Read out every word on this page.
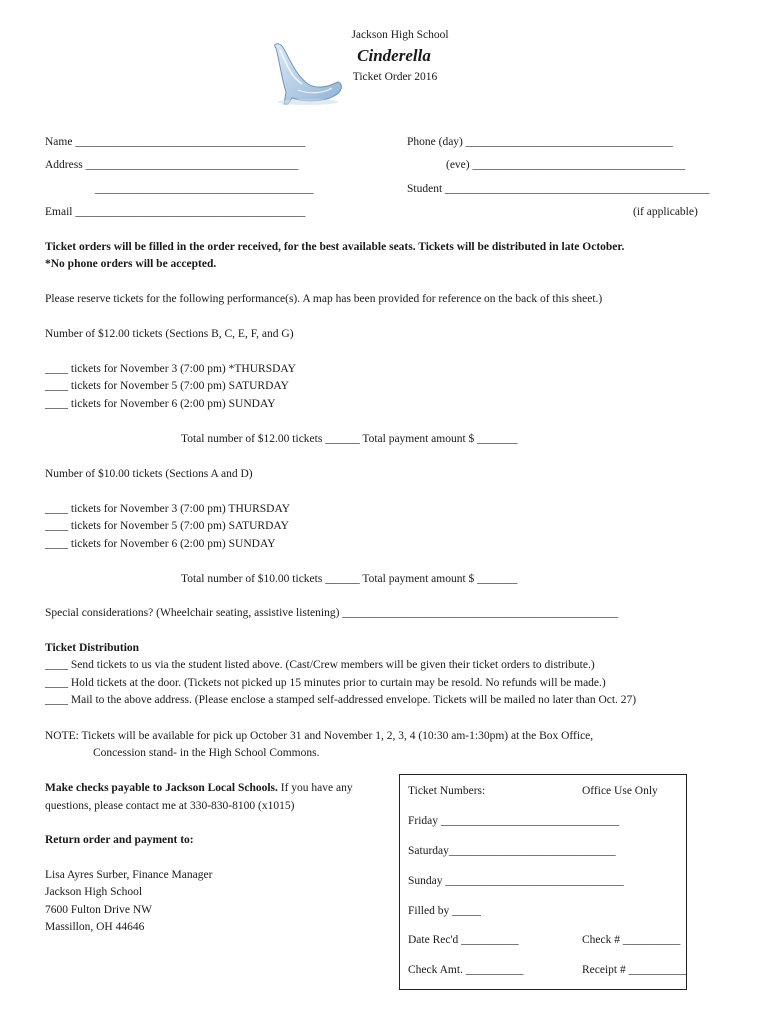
Jackson High School
Cinderella
Ticket Order 2016
Name ________________________________________
Address _____________________________________
______________________________________
Email ________________________________________
Phone (day) ____________________________________
(eve) _____________________________________
Student ______________________________________________
(if applicable)
Ticket orders will be filled in the order received, for the best available seats. Tickets will be distributed in late October.
*No phone orders will be accepted.
Please reserve tickets for the following performance(s). A map has been provided for reference on the back of this sheet.)
Number of $12.00 tickets (Sections B, C, E, F, and G)
____ tickets for November 3 (7:00 pm) *THURSDAY
____ tickets for November 5 (7:00 pm) SATURDAY
____ tickets for November 6 (2:00 pm) SUNDAY
Total number of $12.00 tickets ______ Total payment amount $ _______
Number of $10.00 tickets (Sections A and D)
____ tickets for November 3 (7:00 pm) THURSDAY
____ tickets for November 5 (7:00 pm) SATURDAY
____ tickets for November 6 (2:00 pm) SUNDAY
Total number of $10.00 tickets ______ Total payment amount $ _______
Special considerations? (Wheelchair seating, assistive listening) ________________________________________________
Ticket Distribution
____ Send tickets to us via the student listed above. (Cast/Crew members will be given their ticket orders to distribute.)
____ Hold tickets at the door. (Tickets not picked up 15 minutes prior to curtain may be resold. No refunds will be made.)
____ Mail to the above address. (Please enclose a stamped self-addressed envelope. Tickets will be mailed no later than Oct. 27)
NOTE: Tickets will be available for pick up October 31 and November 1, 2, 3, 4 (10:30 am-1:30pm) at the Box Office,
Concession stand- in the High School Commons.
Make checks payable to Jackson Local Schools. If you have any
questions, please contact me at 330-830-8100 (x1015)
Return order and payment to:
Lisa Ayres Surber, Finance Manager
Jackson High School
7600 Fulton Drive NW
Massillon, OH 44646
Ticket Numbers:	Office Use Only
Friday _______________________________
Saturday_____________________________
Sunday _______________________________
Filled by _____
Date Rec'd __________	Check # __________
Check Amt. __________	Receipt # __________
